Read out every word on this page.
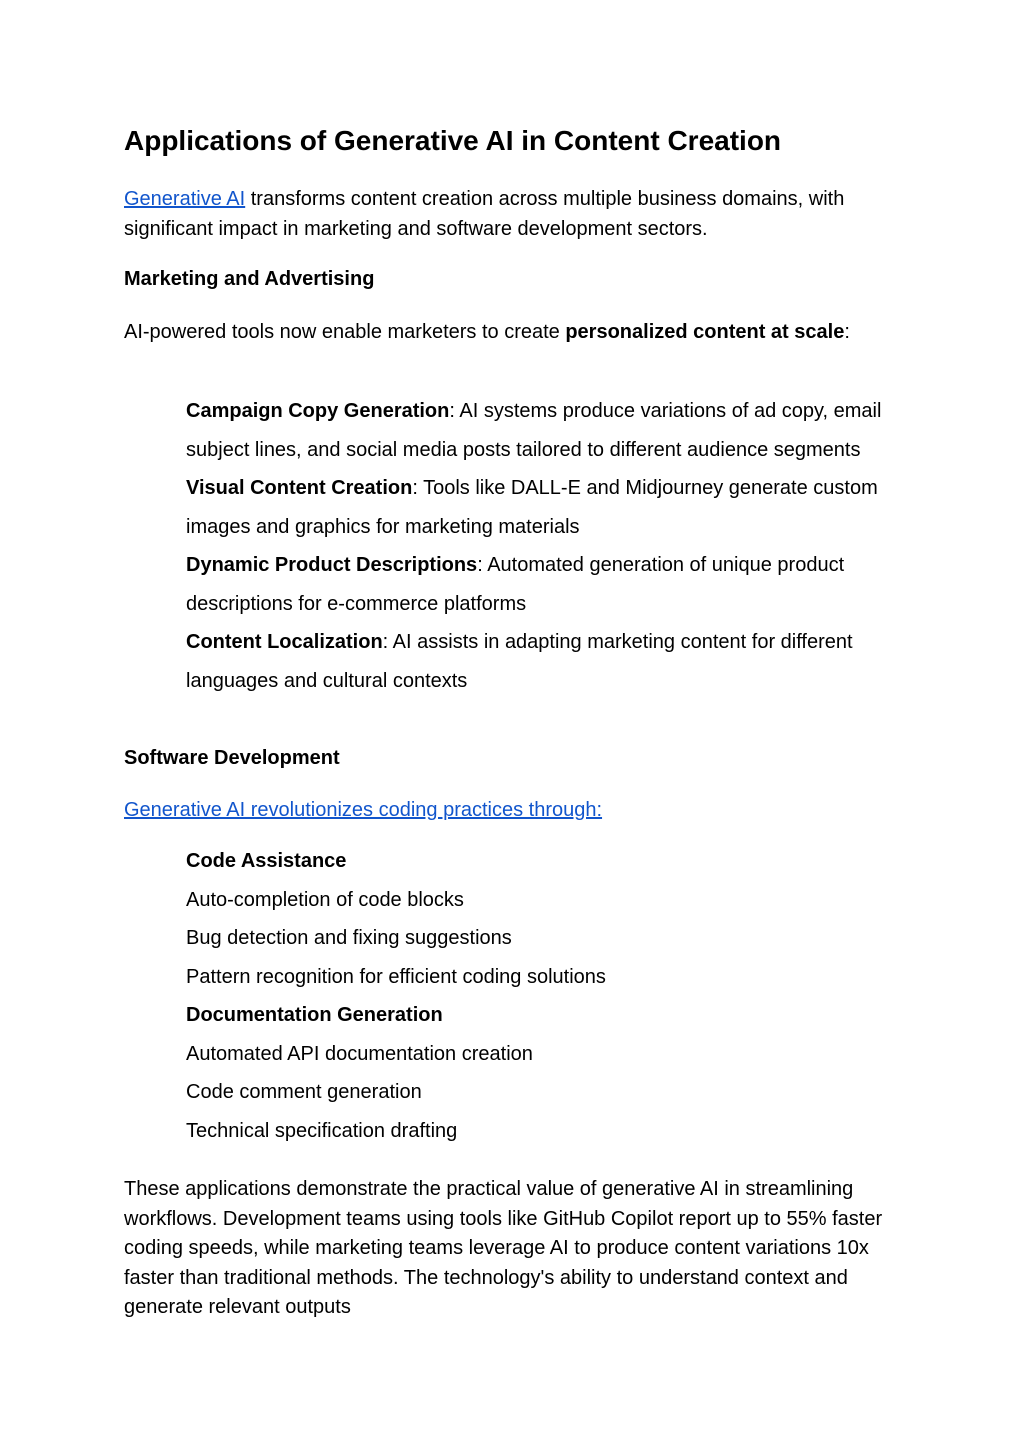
Applications of Generative AI in Content Creation

Generative AI transforms content creation across multiple business domains, with significant impact in marketing and software development sectors.

Marketing and Advertising

AI-powered tools now enable marketers to create personalized content at scale:

Campaign Copy Generation: AI systems produce variations of ad copy, email subject lines, and social media posts tailored to different audience segments
Visual Content Creation: Tools like DALL-E and Midjourney generate custom images and graphics for marketing materials
Dynamic Product Descriptions: Automated generation of unique product descriptions for e-commerce platforms
Content Localization: AI assists in adapting marketing content for different languages and cultural contexts
Software Development

Generative AI revolutionizes coding practices through:

Code Assistance
Auto-completion of code blocks
Bug detection and fixing suggestions
Pattern recognition for efficient coding solutions
Documentation Generation
Automated API documentation creation
Code comment generation
Technical specification drafting

These applications demonstrate the practical value of generative AI in streamlining workflows. Development teams using tools like GitHub Copilot report up to 55% faster coding speeds, while marketing teams leverage AI to produce content variations 10x faster than traditional methods. The technology's ability to understand context and generate relevant outputs
